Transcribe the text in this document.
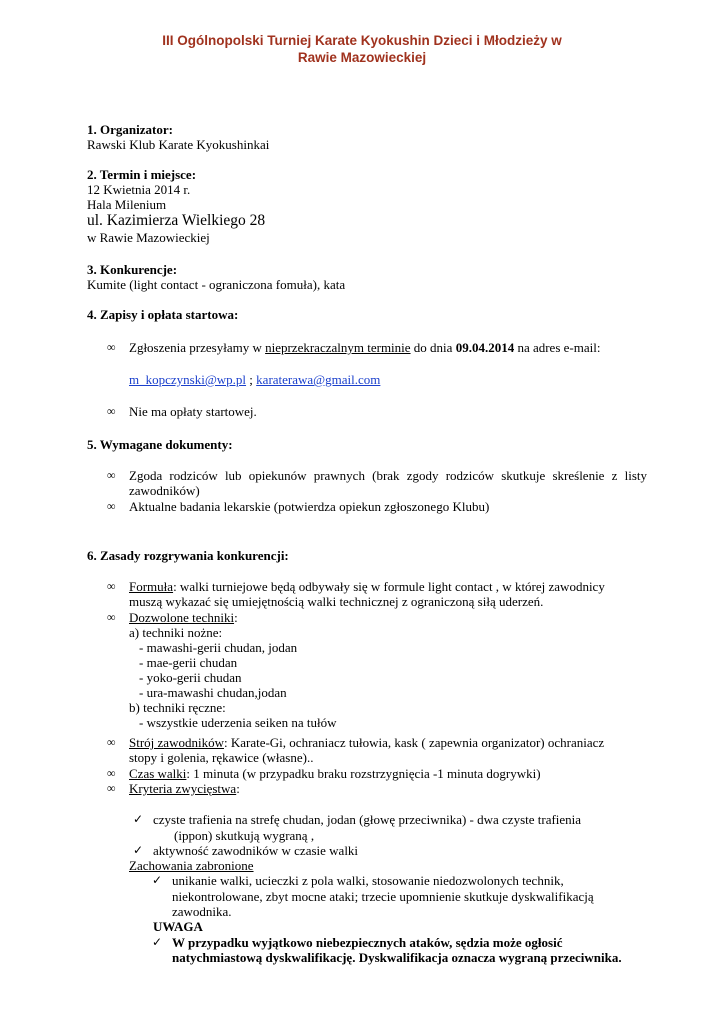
III Ogólnopolski Turniej Karate Kyokushin Dzieci i Młodzieży w
Rawie Mazowieckiej
1. Organizator:
Rawski Klub Karate Kyokushinkai
2. Termin i miejsce:
12 Kwietnia 2014 r.
Hala Milenium
ul. Kazimierza Wielkiego 28
w Rawie Mazowieckiej
3. Konkurencje:
Kumite (light contact - ograniczona fomuła), kata
4. Zapisy i opłata startowa:
∞ Zgłoszenia przesyłamy w nieprzekraczalnym terminie do dnia 09.04.2014 na adres e-mail:
m_kopczynski@wp.pl ; karaterawa@gmail.com
∞ Nie ma opłaty startowej.
5. Wymagane dokumenty:
∞ Zgoda rodziców lub opiekunów prawnych (brak zgody rodziców skutkuje skreślenie z listy zawodników)
∞ Aktualne badania lekarskie (potwierdza opiekun zgłoszonego Klubu)
6. Zasady rozgrywania konkurencji:
∞ Formuła: walki turniejowe będą odbywały się w formule light contact , w której zawodnicy
muszą wykazać się umiejętnością walki technicznej z ograniczoną siłą uderzeń.
∞ Dozwolone techniki:
a) techniki nożne:
- mawashi-gerii chudan, jodan
- mae-gerii chudan
- yoko-gerii chudan
- ura-mawashi chudan,jodan
b) techniki ręczne:
- wszystkie uderzenia seiken na tułów
∞ Strój zawodników: Karate-Gi, ochraniacz tułowia, kask ( zapewnia organizator) ochraniacz
stopy i golenia, rękawice (własne)..
∞ Czas walki: 1 minuta (w przypadku braku rozstrzygnięcia -1 minuta dogrywki)
∞ Kryteria zwycięstwa:
✓ czyste trafienia na strefę chudan, jodan (głowę przeciwnika) - dwa czyste trafienia
(ippon) skutkują wygraną ,
✓ aktywność zawodników w czasie walki
Zachowania zabronione
✓ unikanie walki, ucieczki z pola walki, stosowanie niedozwolonych technik,
niekontrolowane, zbyt mocne ataki; trzecie upomnienie skutkuje dyskwalifikacją
zawodnika.
UWAGA
✓ W przypadku wyjątkowo niebezpiecznych ataków, sędzia może ogłosić
natychmiastową dyskwalifikację. Dyskwalifikacja oznacza wygraną przeciwnika.
